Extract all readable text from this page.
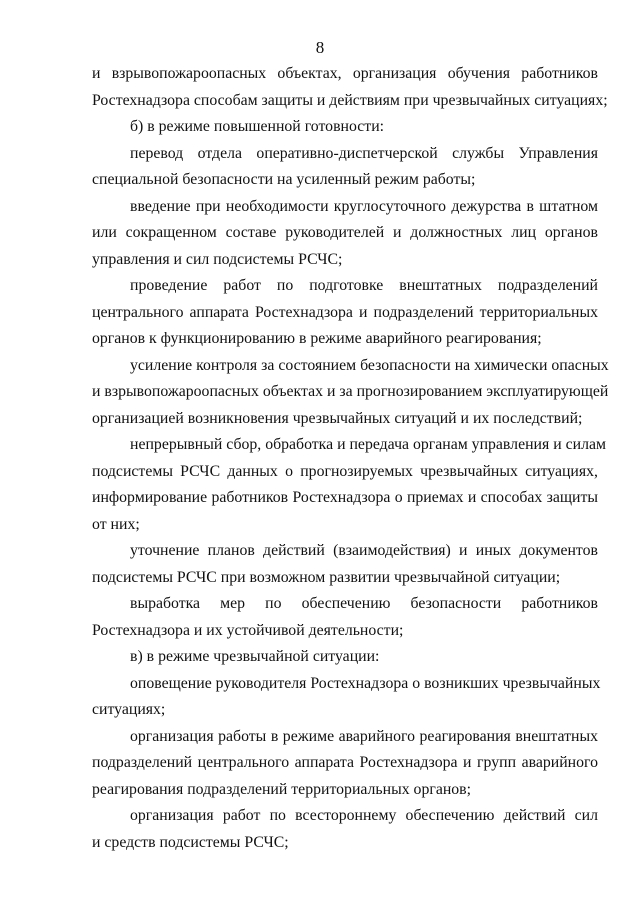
8
и взрывопожароопасных объектах, организация обучения работников
Ростехнадзора способам защиты и действиям при чрезвычайных ситуациях;
б) в режиме повышенной готовности:
перевод отдела оперативно-диспетчерской службы Управления
специальной безопасности на усиленный режим работы;
введение при необходимости круглосуточного дежурства в штатном
или сокращенном составе руководителей и должностных лиц органов
управления и сил подсистемы РСЧС;
проведение работ по подготовке внештатных подразделений
центрального аппарата Ростехнадзора и подразделений территориальных
органов к функционированию в режиме аварийного реагирования;
усиление контроля за состоянием безопасности на химически опасных
и взрывопожароопасных объектах и за прогнозированием эксплуатирующей
организацией возникновения чрезвычайных ситуаций и их последствий;
непрерывный сбор, обработка и передача органам управления и силам
подсистемы РСЧС данных о прогнозируемых чрезвычайных ситуациях,
информирование работников Ростехнадзора о приемах и способах защиты
от них;
уточнение планов действий (взаимодействия) и иных документов
подсистемы РСЧС при возможном развитии чрезвычайной ситуации;
выработка мер по обеспечению безопасности работников
Ростехнадзора и их устойчивой деятельности;
в) в режиме чрезвычайной ситуации:
оповещение руководителя Ростехнадзора о возникших чрезвычайных
ситуациях;
организация работы в режиме аварийного реагирования внештатных
подразделений центрального аппарата Ростехнадзора и групп аварийного
реагирования подразделений территориальных органов;
организация работ по всестороннему обеспечению действий сил
и средств подсистемы РСЧС;
